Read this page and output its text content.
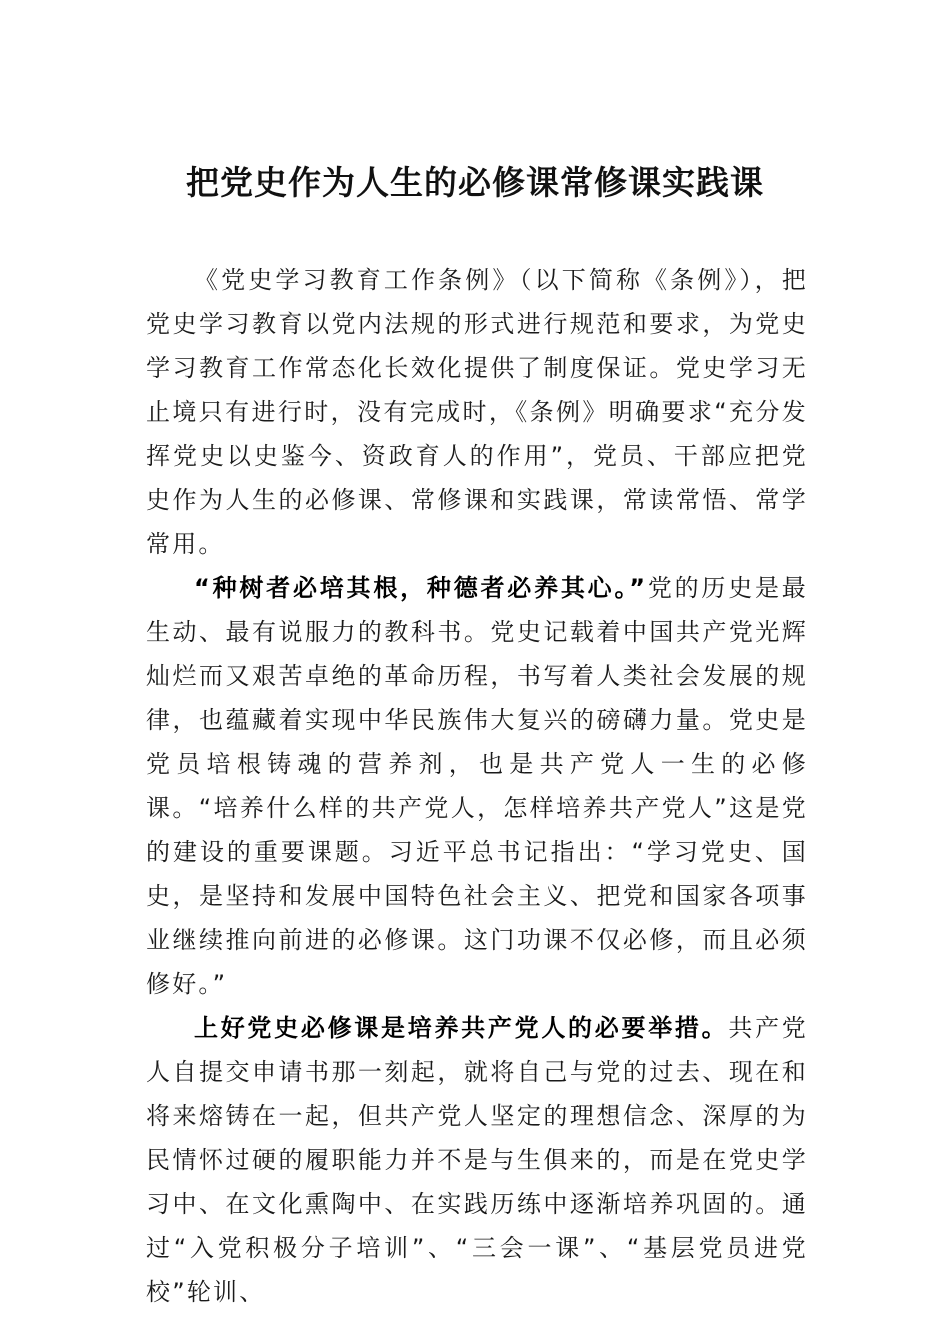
把党史作为人生的必修课常修课实践课

《党史学习教育工作条例》（以下简称《条例》），把党史学习教育以党内法规的形式进行规范和要求，为党史学习教育工作常态化长效化提供了制度保证。党史学习无止境只有进行时，没有完成时，《条例》明确要求“充分发挥党史以史鉴今、资政育人的作用”，党员、干部应把党史作为人生的必修课、常修课和实践课，常读常悟、常学常用。

“种树者必培其根，种德者必养其心。”党的历史是最生动、最有说服力的教科书。党史记载着中国共产党光辉灿烂而又艰苦卓绝的革命历程，书写着人类社会发展的规律，也蕴藏着实现中华民族伟大复兴的磅礴力量。党史是党员培根铸魂的营养剂，也是共产党人一生的必修课。“培养什么样的共产党人，怎样培养共产党人”这是党的建设的重要课题。习近平总书记指出：“学习党史、国史，是坚持和发展中国特色社会主义、把党和国家各项事业继续推向前进的必修课。这门功课不仅必修，而且必须修好。”

上好党史必修课是培养共产党人的必要举措。共产党人自提交申请书那一刻起，就将自己与党的过去、现在和将来熔铸在一起，但共产党人坚定的理想信念、深厚的为民情怀过硬的履职能力并不是与生俱来的，而是在党史学习中、在文化熏陶中、在实践历练中逐渐培养巩固的。通过“入党积极分子培训”、“三会一课”、“基层党员进党校”轮训、
